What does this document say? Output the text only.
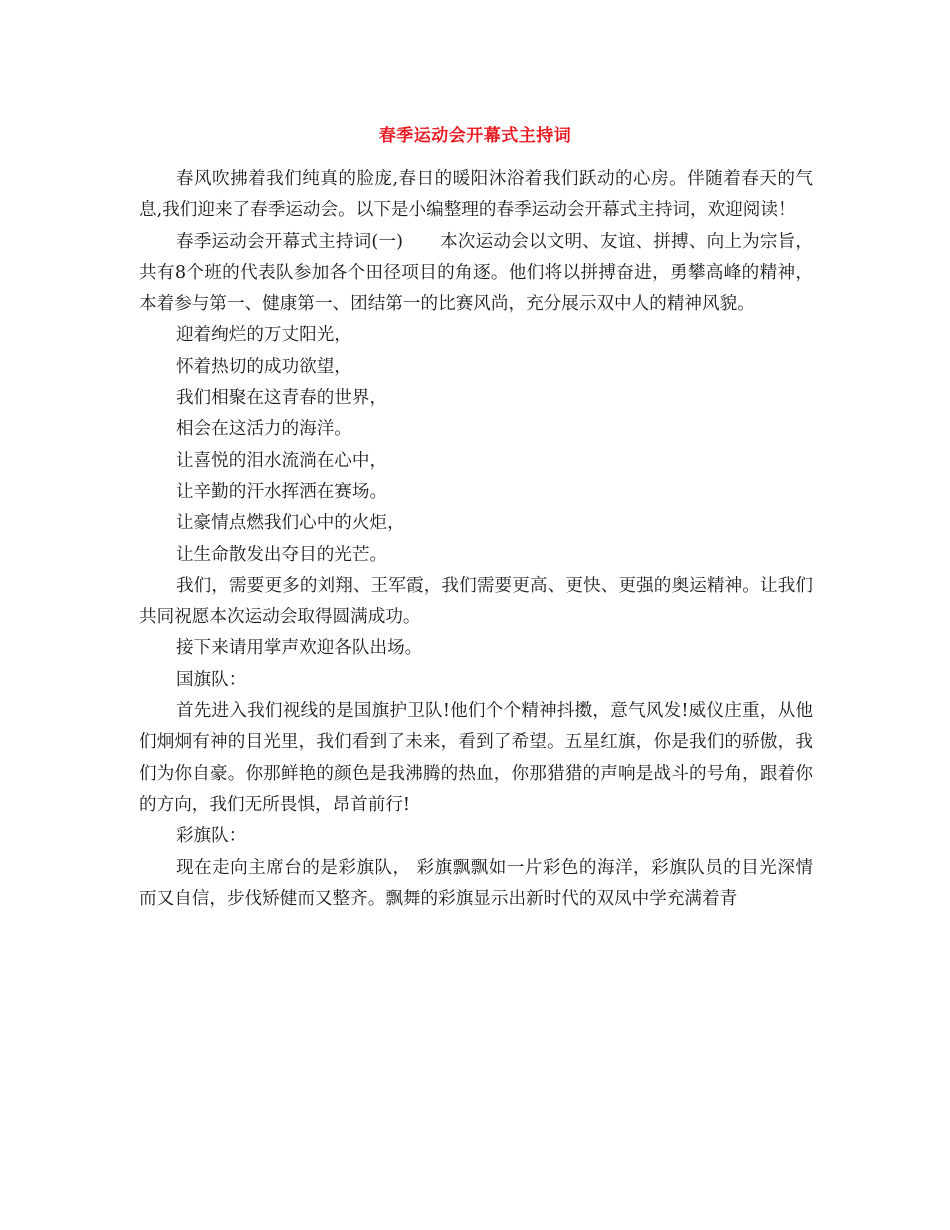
春季运动会开幕式主持词

春风吹拂着我们纯真的脸庞,春日的暖阳沐浴着我们跃动的心房。伴随着春天的气息,我们迎来了春季运动会。以下是小编整理的春季运动会开幕式主持词，欢迎阅读！

春季运动会开幕式主持词(一) 本次运动会以文明、友谊、拼搏、向上为宗旨，共有8个班的代表队参加各个田径项目的角逐。他们将以拼搏奋进，勇攀高峰的精神，本着参与第一、健康第一、团结第一的比赛风尚，充分展示双中人的精神风貌。

迎着绚烂的万丈阳光，

怀着热切的成功欲望，

我们相聚在这青春的世界，

相会在这活力的海洋。

让喜悦的泪水流淌在心中，

让辛勤的汗水挥洒在赛场。

让豪情点燃我们心中的火炬，

让生命散发出夺目的光芒。

我们，需要更多的刘翔、王军霞，我们需要更高、更快、更强的奥运精神。让我们共同祝愿本次运动会取得圆满成功。

接下来请用掌声欢迎各队出场。

国旗队：

首先进入我们视线的是国旗护卫队!他们个个精神抖擞，意气风发!威仪庄重，从他们炯炯有神的目光里，我们看到了未来，看到了希望。五星红旗，你是我们的骄傲，我们为你自豪。你那鲜艳的颜色是我沸腾的热血，你那猎猎的声响是战斗的号角，跟着你的方向，我们无所畏惧，昂首前行!

彩旗队：

现在走向主席台的是彩旗队， 彩旗飘飘如一片彩色的海洋，彩旗队员的目光深情而又自信，步伐矫健而又整齐。飘舞的彩旗显示出新时代的双凤中学充满着青
